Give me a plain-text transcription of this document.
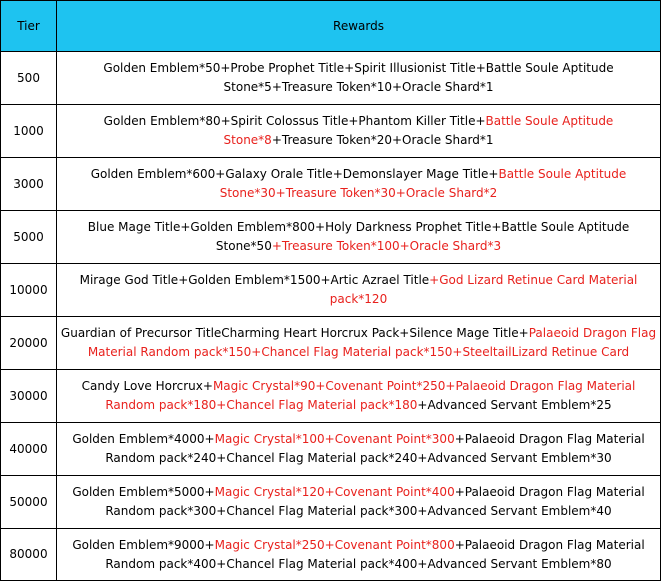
Tier	Rewards
500	Golden Emblem*50+Probe Prophet Title+Spirit Illusionist Title+Battle Soule Aptitude Stone*5+Treasure Token*10+Oracle Shard*1
1000	Golden Emblem*80+Spirit Colossus Title+Phantom Killer Title+Battle Soule Aptitude Stone*8+Treasure Token*20+Oracle Shard*1
3000	Golden Emblem*600+Galaxy Orale Title+Demonslayer Mage Title+Battle Soule Aptitude Stone*30+Treasure Token*30+Oracle Shard*2
5000	Blue Mage Title+Golden Emblem*800+Holy Darkness Prophet Title+Battle Soule Aptitude Stone*50+Treasure Token*100+Oracle Shard*3
10000	Mirage God Title+Golden Emblem*1500+Artic Azrael Title+God Lizard Retinue Card Material pack*120
20000	Guardian of Precursor TitleCharming Heart Horcrux Pack+Silence Mage Title+Palaeoid Dragon Flag Material Random pack*150+Chancel Flag Material pack*150+SteeltailLizard Retinue Card
30000	Candy Love Horcrux+Magic Crystal*90+Covenant Point*250+Palaeoid Dragon Flag Material Random pack*180+Chancel Flag Material pack*180+Advanced Servant Emblem*25
40000	Golden Emblem*4000+Magic Crystal*100+Covenant Point*300+Palaeoid Dragon Flag Material Random pack*240+Chancel Flag Material pack*240+Advanced Servant Emblem*30
50000	Golden Emblem*5000+Magic Crystal*120+Covenant Point*400+Palaeoid Dragon Flag Material Random pack*300+Chancel Flag Material pack*300+Advanced Servant Emblem*40
80000	Golden Emblem*9000+Magic Crystal*250+Covenant Point*800+Palaeoid Dragon Flag Material Random pack*400+Chancel Flag Material pack*400+Advanced Servant Emblem*80
